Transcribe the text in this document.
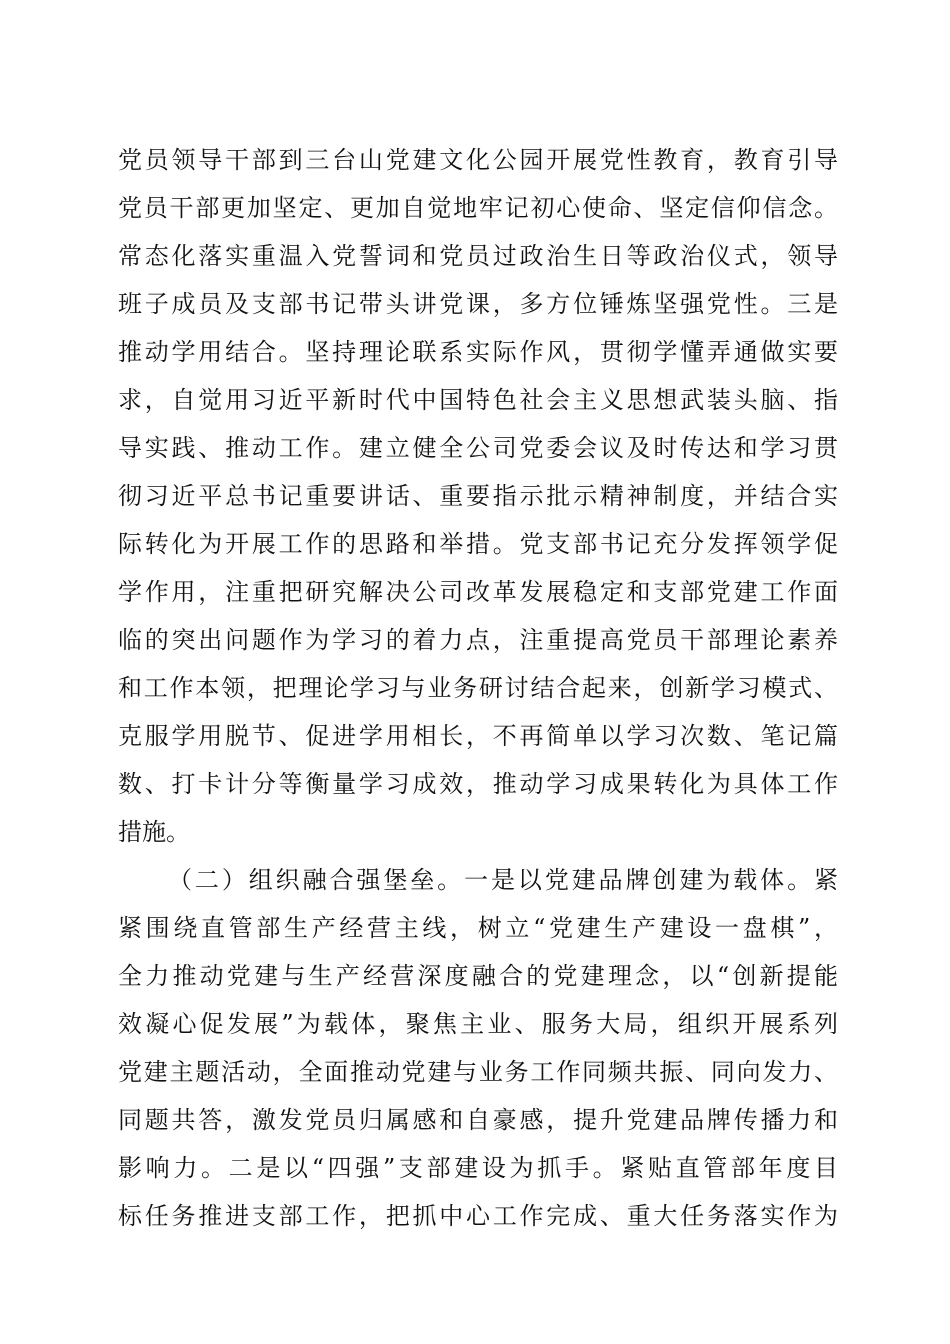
党员领导干部到三台山党建文化公园开展党性教育，教育引导
党员干部更加坚定、更加自觉地牢记初心使命、坚定信仰信念。
常态化落实重温入党誓词和党员过政治生日等政治仪式，领导
班子成员及支部书记带头讲党课，多方位锤炼坚强党性。三是
推动学用结合。坚持理论联系实际作风，贯彻学懂弄通做实要
求，自觉用习近平新时代中国特色社会主义思想武装头脑、指
导实践、推动工作。建立健全公司党委会议及时传达和学习贯
彻习近平总书记重要讲话、重要指示批示精神制度，并结合实
际转化为开展工作的思路和举措。党支部书记充分发挥领学促
学作用，注重把研究解决公司改革发展稳定和支部党建工作面
临的突出问题作为学习的着力点，注重提高党员干部理论素养
和工作本领，把理论学习与业务研讨结合起来，创新学习模式、
克服学用脱节、促进学用相长，不再简单以学习次数、笔记篇
数、打卡计分等衡量学习成效，推动学习成果转化为具体工作
措施。
（二）组织融合强堡垒。一是以党建品牌创建为载体。紧
紧围绕直管部生产经营主线，树立“党建生产建设一盘棋”，
全力推动党建与生产经营深度融合的党建理念，以“创新提能
效凝心促发展”为载体，聚焦主业、服务大局，组织开展系列
党建主题活动，全面推动党建与业务工作同频共振、同向发力、
同题共答，激发党员归属感和自豪感，提升党建品牌传播力和
影响力。二是以“四强”支部建设为抓手。紧贴直管部年度目
标任务推进支部工作，把抓中心工作完成、重大任务落实作为
